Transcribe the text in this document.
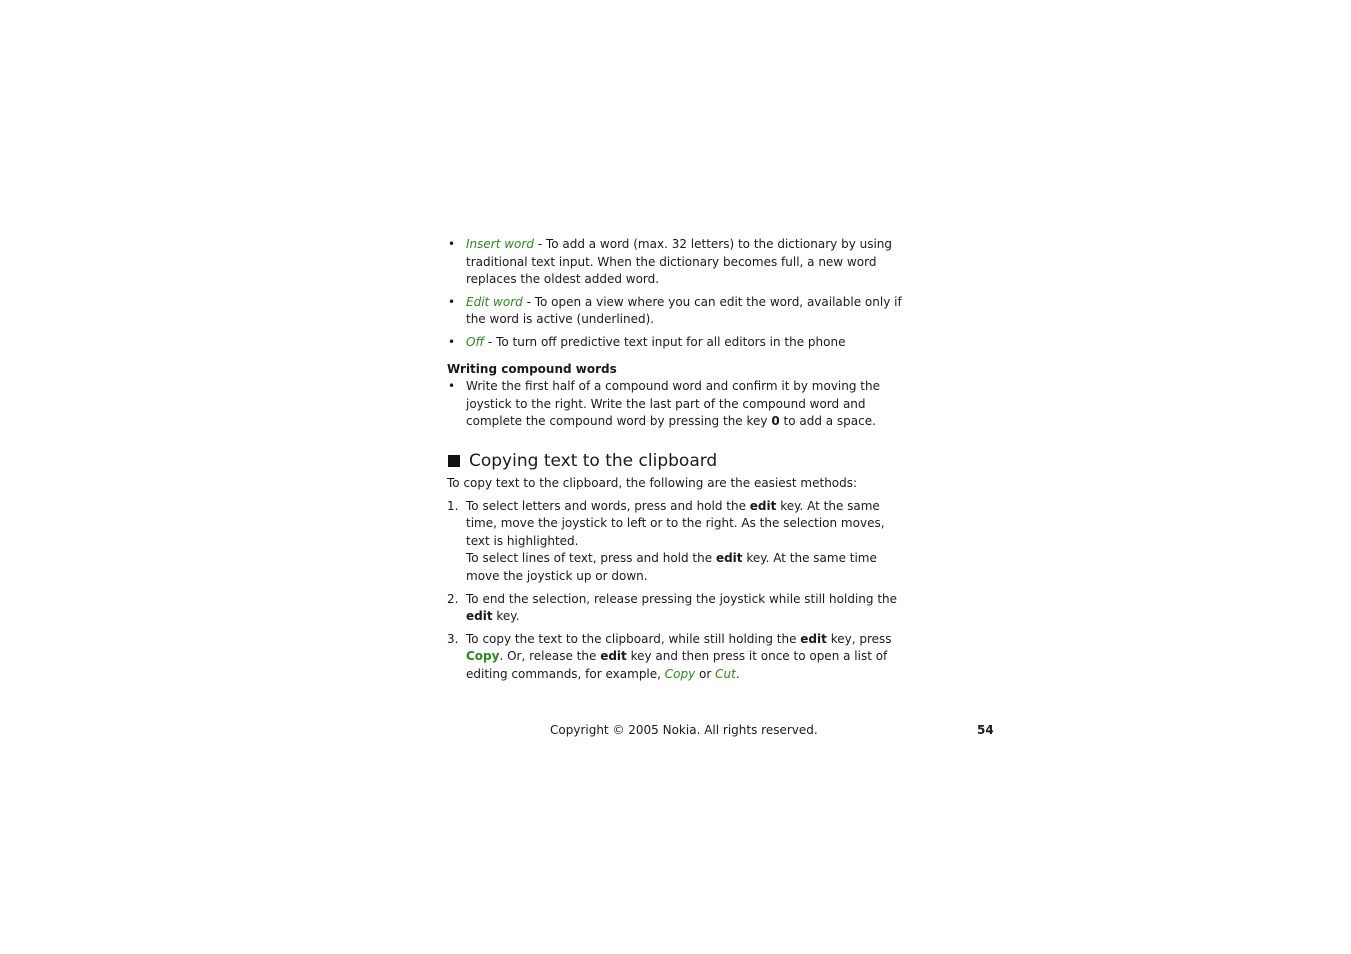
• Insert word - To add a word (max. 32 letters) to the dictionary by using traditional text input. When the dictionary becomes full, a new word replaces the oldest added word.
• Edit word - To open a view where you can edit the word, available only if the word is active (underlined).
• Off - To turn off predictive text input for all editors in the phone
Writing compound words
• Write the first half of a compound word and confirm it by moving the joystick to the right. Write the last part of the compound word and complete the compound word by pressing the key 0 to add a space.
Copying text to the clipboard

To copy text to the clipboard, the following are the easiest methods:

1. To select letters and words, press and hold the edit key. At the same time, move the joystick to left or to the right. As the selection moves, text is highlighted.
To select lines of text, press and hold the edit key. At the same time move the joystick up or down.
2. To end the selection, release pressing the joystick while still holding the edit key.
3. To copy the text to the clipboard, while still holding the edit key, press Copy. Or, release the edit key and then press it once to open a list of editing commands, for example, Copy or Cut.
Copyright © 2005 Nokia. All rights reserved.	54
